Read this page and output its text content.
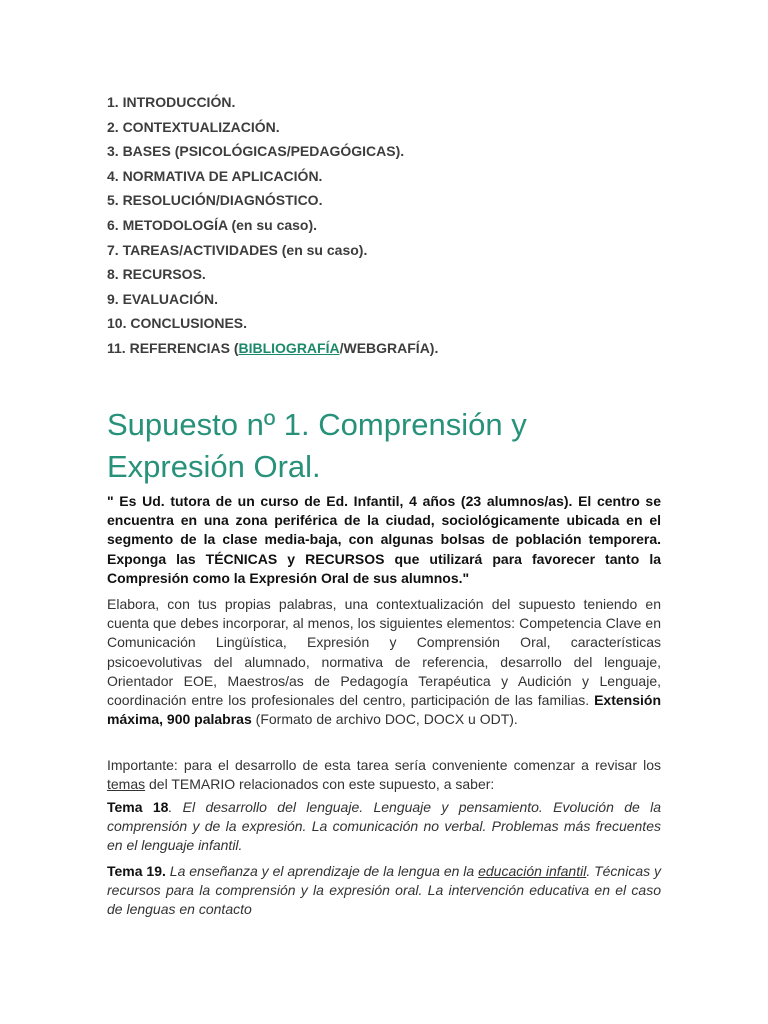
1. INTRODUCCIÓN.
2. CONTEXTUALIZACIÓN.
3. BASES (PSICOLÓGICAS/PEDAGÓGICAS).
4. NORMATIVA DE APLICACIÓN.
5. RESOLUCIÓN/DIAGNÓSTICO.
6. METODOLOGÍA (en su caso).
7. TAREAS/ACTIVIDADES (en su caso).
8. RECURSOS.
9. EVALUACIÓN.
10. CONCLUSIONES.
11. REFERENCIAS (BIBLIOGRAFÍA/WEBGRAFÍA).
Supuesto nº 1. Comprensión y Expresión Oral.

" Es Ud. tutora de un curso de Ed. Infantil, 4 años (23 alumnos/as). El centro se encuentra en una zona periférica de la ciudad, sociológicamente ubicada en el segmento de la clase media-baja, con algunas bolsas de población temporera. Exponga las TÉCNICAS y RECURSOS que utilizará para favorecer tanto la Compresión como la Expresión Oral de sus alumnos."

Elabora, con tus propias palabras, una contextualización del supuesto teniendo en cuenta que debes incorporar, al menos, los siguientes elementos: Competencia Clave en Comunicación Lingüística, Expresión y Comprensión Oral, características psicoevolutivas del alumnado, normativa de referencia, desarrollo del lenguaje, Orientador EOE, Maestros/as de Pedagogía Terapéutica y Audición y Lenguaje, coordinación entre los profesionales del centro, participación de las familias. Extensión máxima, 900 palabras (Formato de archivo DOC, DOCX u ODT).

Importante: para el desarrollo de esta tarea sería conveniente comenzar a revisar los temas del TEMARIO relacionados con este supuesto, a saber:

Tema 18. El desarrollo del lenguaje. Lenguaje y pensamiento. Evolución de la comprensión y de la expresión. La comunicación no verbal. Problemas más frecuentes en el lenguaje infantil.

Tema 19. La enseñanza y el aprendizaje de la lengua en la educación infantil. Técnicas y recursos para la comprensión y la expresión oral. La intervención educativa en el caso de lenguas en contacto
